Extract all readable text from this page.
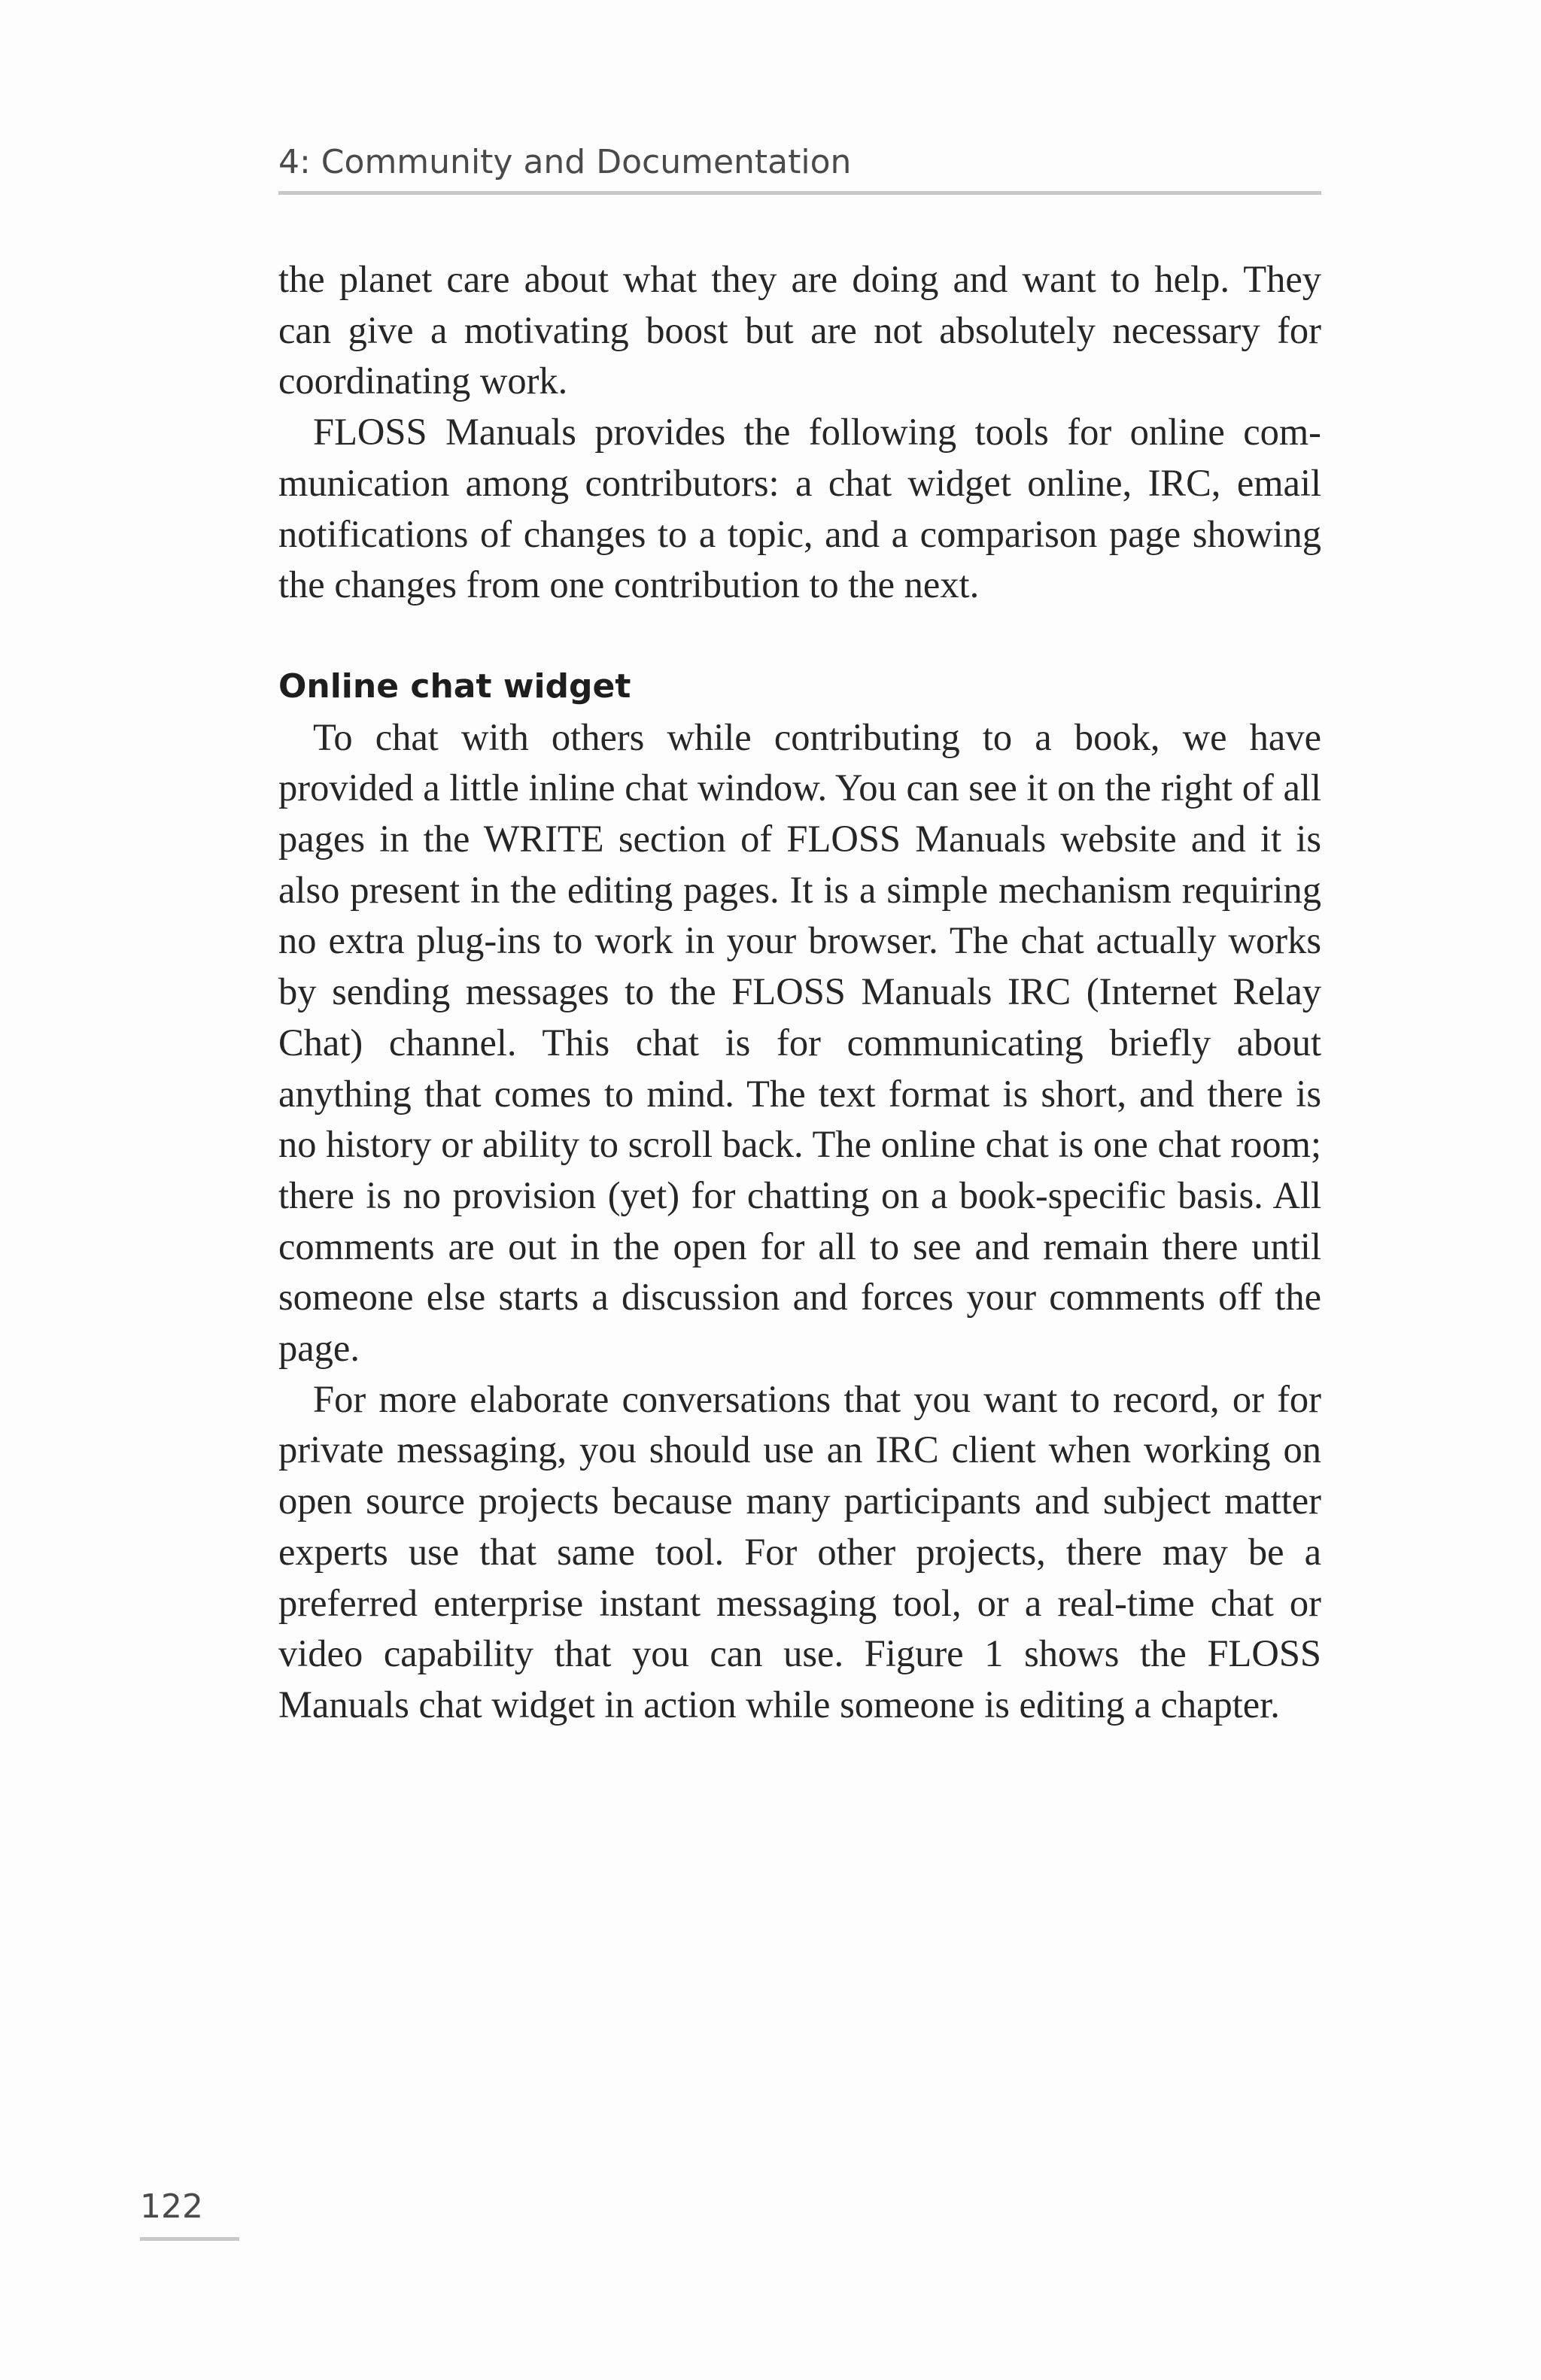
4: Community and Documentation

the planet care about what they are doing and want to help. They can give a motivating boost but are not absolutely necessary for coordinating work.

FLOSS Manuals provides the following tools for online communication among contributors: a chat widget online, IRC, email notifications of changes to a topic, and a comparison page showing the changes from one contribution to the next.

Online chat widget

To chat with others while contributing to a book, we have provided a little inline chat window. You can see it on the right of all pages in the WRITE section of FLOSS Manuals website and it is also present in the editing pages. It is a simple mechanism requiring no extra plug-ins to work in your browser. The chat actually works by sending messages to the FLOSS Manuals IRC (Internet Relay Chat) channel. This chat is for communicating briefly about anything that comes to mind. The text format is short, and there is no history or ability to scroll back. The online chat is one chat room; there is no provision (yet) for chatting on a book-specific basis. All comments are out in the open for all to see and remain there until someone else starts a discussion and forces your comments off the page.

For more elaborate conversations that you want to record, or for private messaging, you should use an IRC client when working on open source projects because many participants and subject matter experts use that same tool. For other projects, there may be a preferred enterprise instant messaging tool, or a real-time chat or video capability that you can use. Figure 1 shows the FLOSS Manuals chat widget in action while someone is editing a chapter.

122
